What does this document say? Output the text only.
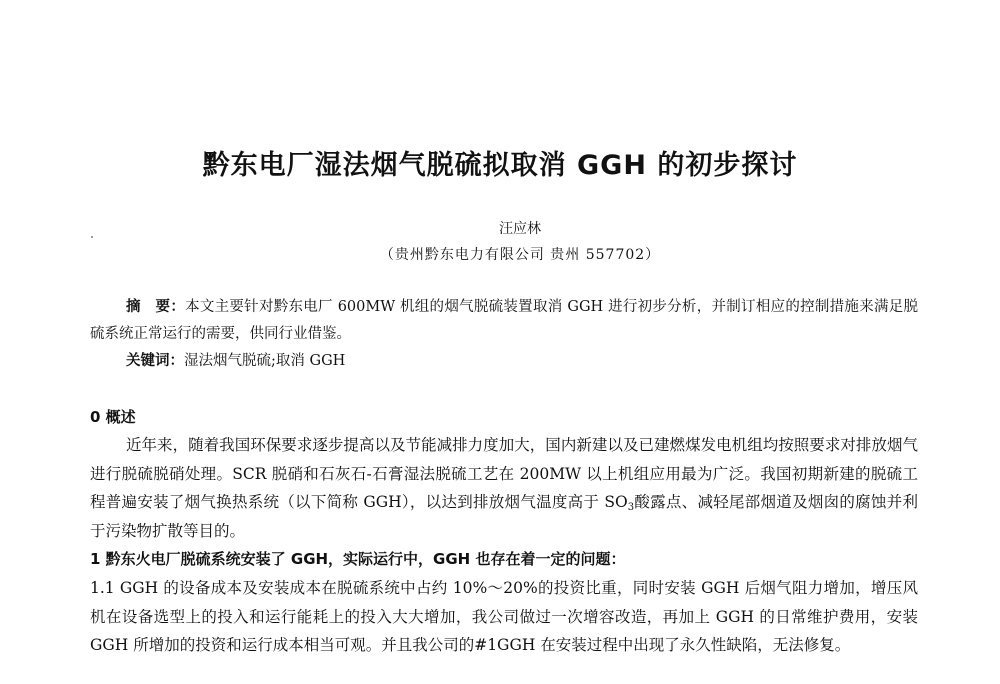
黔东电厂湿法烟气脱硫拟取消 GGH 的初步探讨
汪应林
（贵州黔东电力有限公司 贵州 557702）
摘　要：本文主要针对黔东电厂 600MW 机组的烟气脱硫装置取消 GGH 进行初步分析，并制订相应的控制措施来满足脱硫系统正常运行的需要，供同行业借鉴。
关键词：湿法烟气脱硫;取消 GGH
0 概述
近年来，随着我国环保要求逐步提高以及节能减排力度加大，国内新建以及已建燃煤发电机组均按照要求对排放烟气进行脱硫脱硝处理。SCR 脱硝和石灰石-石膏湿法脱硫工艺在 200MW 以上机组应用最为广泛。我国初期新建的脱硫工程普遍安装了烟气换热系统（以下简称 GGH），以达到排放烟气温度高于 $SO_3$酸露点、减轻尾部烟道及烟囱的腐蚀并利于污染物扩散等目的。
1 黔东火电厂脱硫系统安装了 GGH，实际运行中，GGH 也存在着一定的问题：
1.1 GGH 的设备成本及安装成本在脱硫系统中占约 10%～20%的投资比重，同时安装 GGH 后烟气阻力增加，增压风机在设备选型上的投入和运行能耗上的投入大大增加，我公司做过一次增容改造，再加上 GGH 的日常维护费用，安装 GGH 所增加的投资和运行成本相当可观。并且我公司的#1GGH 在安装过程中出现了永久性缺陷，无法修复。
